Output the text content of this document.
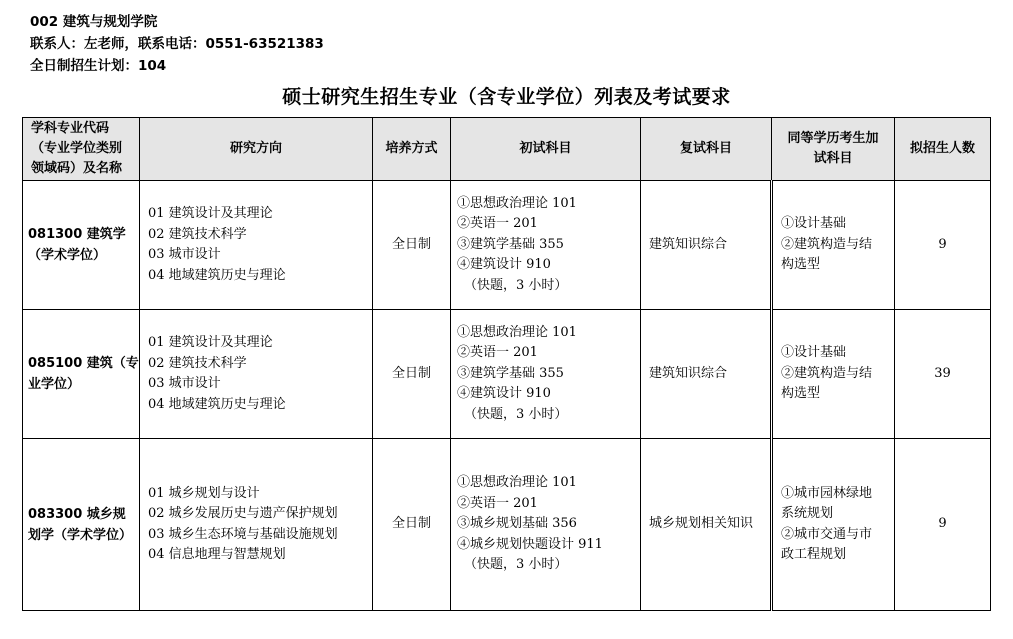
002 建筑与规划学院
联系人：左老师，联系电话：0551-63521383
全日制招生计划：104
硕士研究生招生专业（含专业学位）列表及考试要求
学科专业代码
（专业学位类别
领域码）及名称	研究方向	培养方式	初试科目	复试科目	同等学历考生加
试科目	拟招生人数

081300 建筑学
（学术学位）	01 建筑设计及其理论
02 建筑技术科学
03 城市设计
04 地域建筑历史与理论	全日制	①思想政治理论 101
②英语一 201
③建筑学基础 355
④建筑设计 910
（快题，3 小时）	建筑知识综合	①设计基础
②建筑构造与结
构选型	9

085100 建筑（专
业学位）	01 建筑设计及其理论
02 建筑技术科学
03 城市设计
04 地域建筑历史与理论	全日制	①思想政治理论 101
②英语一 201
③建筑学基础 355
④建筑设计 910
（快题，3 小时）	建筑知识综合	①设计基础
②建筑构造与结
构选型	39

083300 城乡规
划学（学术学位）	01 城乡规划与设计
02 城乡发展历史与遗产保护规划
03 城乡生态环境与基础设施规划
04 信息地理与智慧规划	全日制	①思想政治理论 101
②英语一 201
③城乡规划基础 356
④城乡规划快题设计 911
（快题，3 小时）	城乡规划相关知识	①城市园林绿地
系统规划
②城市交通与市
政工程规划	9
